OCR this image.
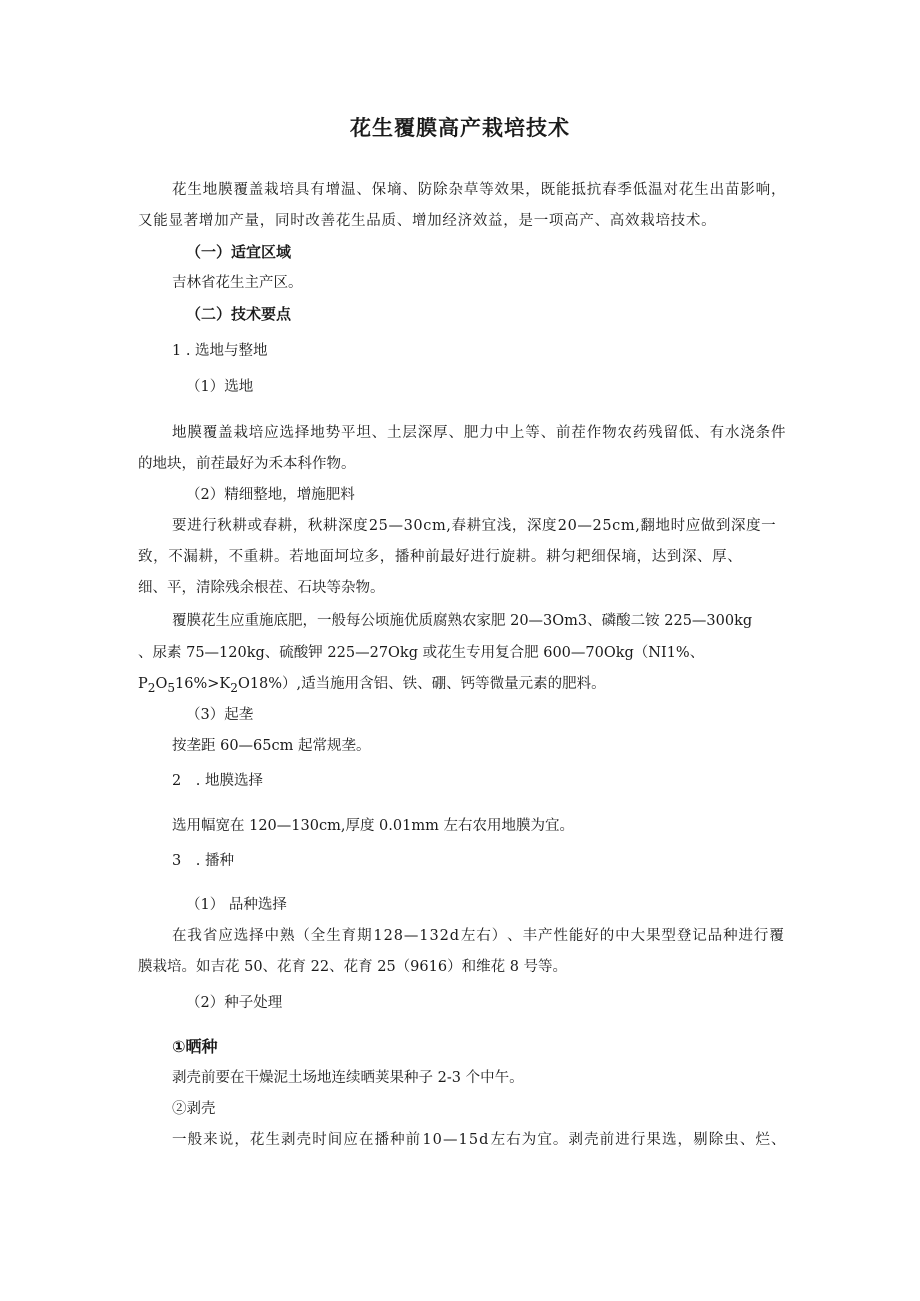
花生覆膜高产栽培技术

花 生 地 膜 覆 盖 栽 培 具 有 增 温 、 保 墒 、 防 除 杂 草 等 效 果 ， 既 能 抵 抗 春 季 低 温 对 花 生 出 苗 影 响 ，

又 能 显 著 增 加 产 量 ， 同 时 改 善 花 生 品 质 、 增 加 经 济 效 益 ， 是 一 项 高 产 、 高 效 栽 培 技 术 。

（一）适宜区域

吉林省花生主产区。

（二）技术要点

1 . 选地与整地

（1）选地

地 膜 覆 盖 栽 培 应 选 择 地 势 平 坦 、 土 层 深 厚 、 肥 力 中 上 等 、 前 茬 作 物 农 药 残 留 低 、 有 水 浇 条 件

的地块，前茬最好为禾本科作物。

（2）精细整地，增施肥料

要 进 行 秋 耕 或 春 耕 ， 秋 耕 深 度 2 5 — 3 0 c m , 春 耕 宜 浅 ， 深 度 2 0 — 2 5 c m , 翻 地 时 应 做 到 深 度 一

致 ， 不 漏 耕 ， 不 重 耕 。 若 地 面 坷 垃 多 ， 播 种 前 最 好 进 行 旋 耕 。 耕 匀 耙 细 保 墒 ， 达 到 深 、 厚 、

细、平，清除残余根茬、石块等杂物。

覆膜花生应重施底肥，一般每公顷施优质腐熟农家肥 20—3Om3、磷酸二铵 225—300kg

、尿素 75—120kg、硫酸钾 225—27Okg 或花生专用复合肥 600—70Okg（NI1%、

$P_2O_516\%>K_2O18\%$）,适当施用含铝、铁、硼、钙等微量元素的肥料。

（3）起垄

按垄距 60—65cm 起常规垄。

2　. 地膜选择

选用幅宽在 120—130cm,厚度 0.01mm 左右农用地膜为宜。

3　. 播种

（1） 品种选择

在 我 省 应 选 择 中 熟 （ 全 生 育 期 1 2 8 — 1 3 2 d 左 右 ） 、 丰 产 性 能 好 的 中 大 果 型 登 记 品 种 进 行 覆

膜栽培。如吉花 50、花育 22、花育 25（9616）和维花 8 号等。

（2）种子处理

①晒种

剥壳前要在干燥泥土场地连续晒荚果种子 2-3 个中午。

②剥壳

一 般 来 说 ， 花 生 剥 壳 时 间 应 在 播 种 前 1 0 — 1 5 d 左 右 为 宜 。 剥 壳 前 进 行 果 选 ， 剔 除 虫 、 烂 、
